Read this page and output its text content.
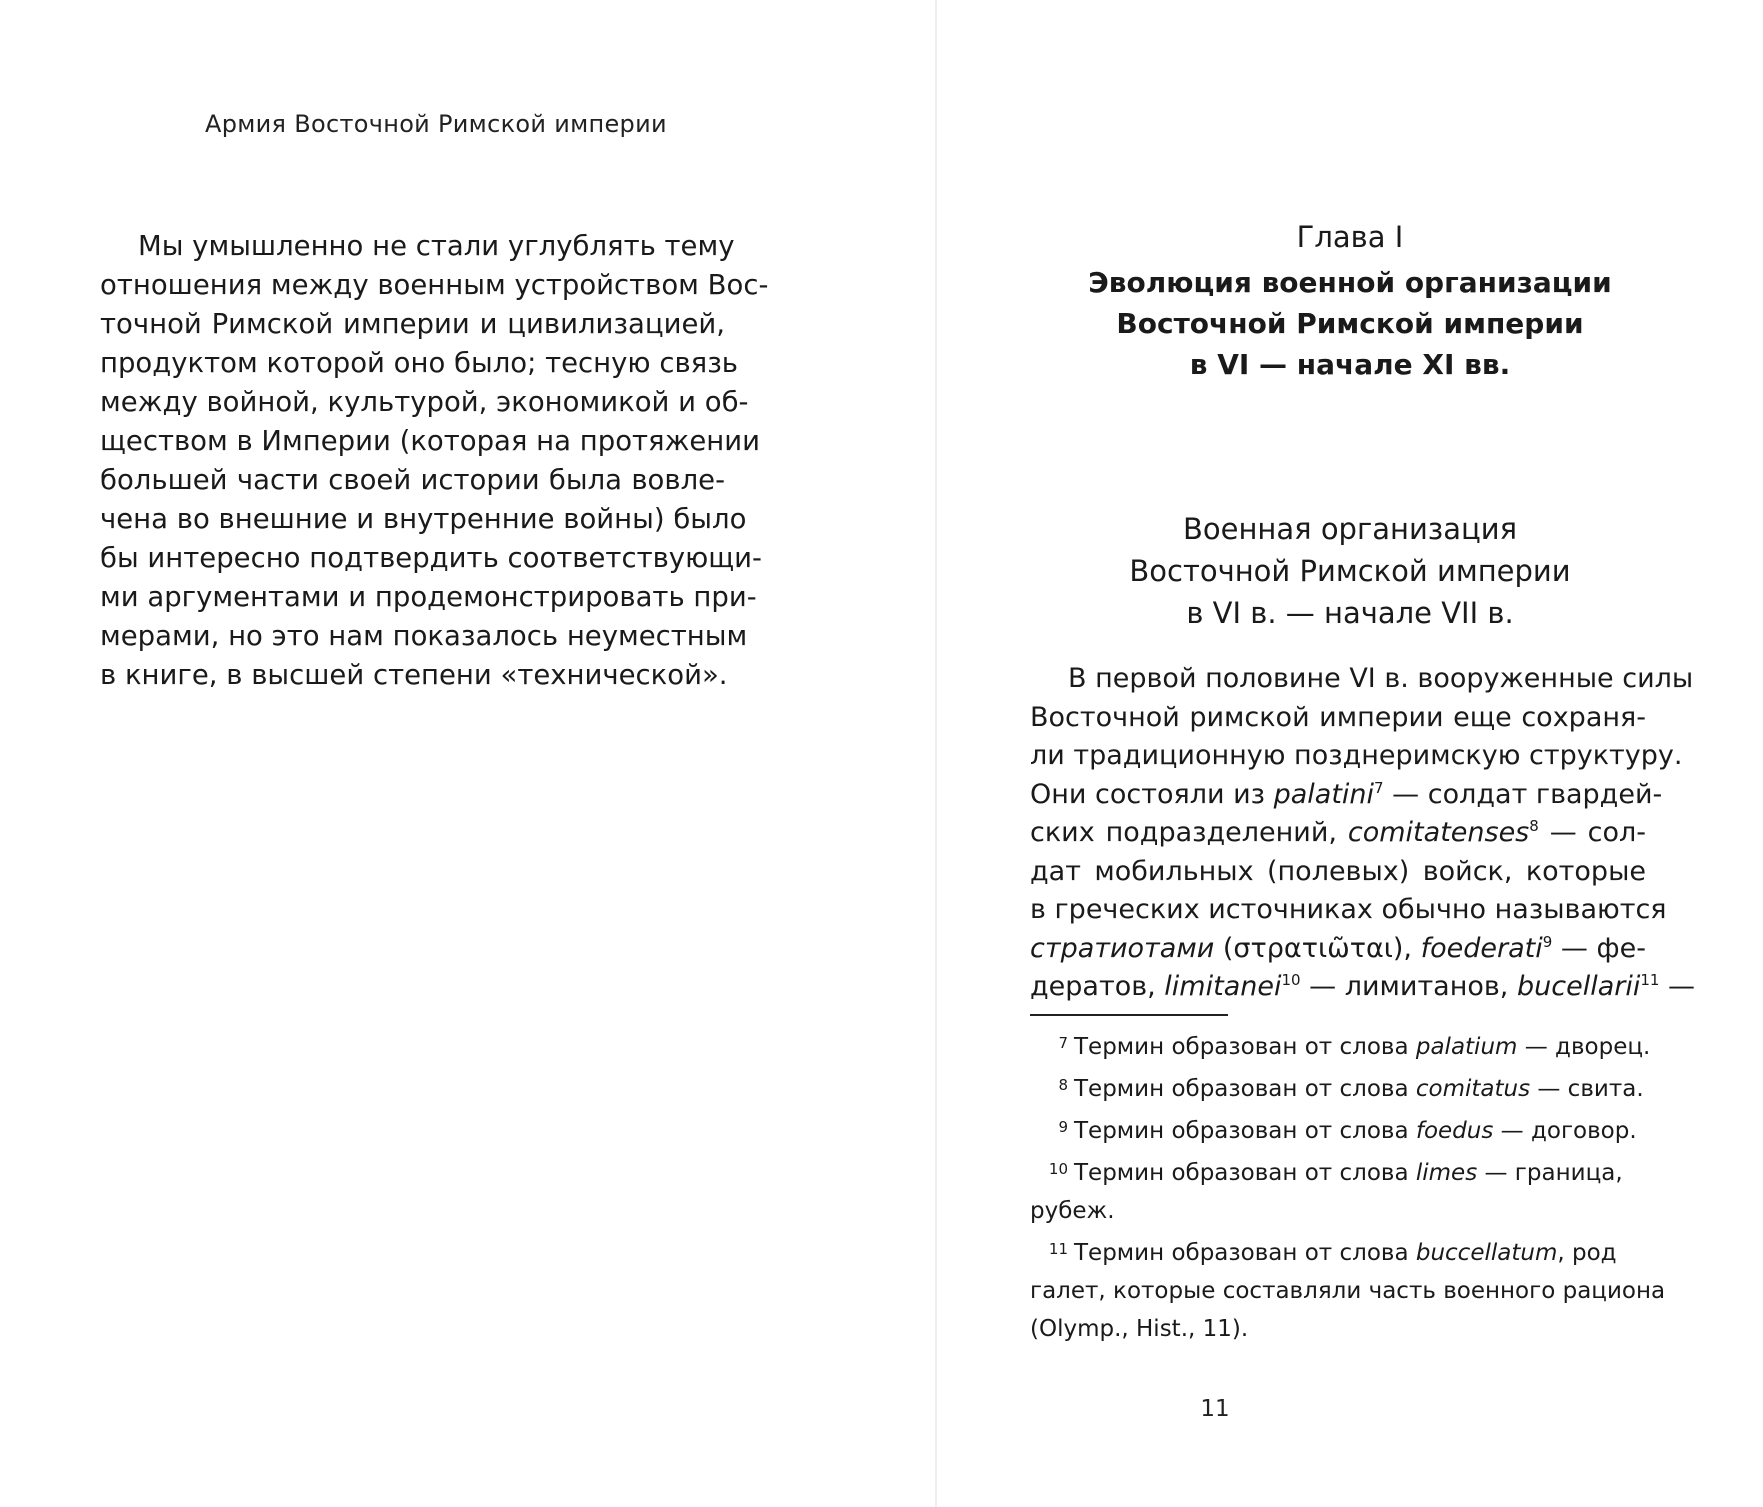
Армия Восточной Римской империи
Мы умышленно не стали углублять тему
отношения между военным устройством Вос-
точной Римской империи и цивилизацией,
продуктом которой оно было; тесную связь
между войной, культурой, экономикой и об-
ществом в Империи (которая на протяжении
большей части своей истории была вовле-
чена во внешние и внутренние войны) было
бы интересно подтвердить соответствующи-
ми аргументами и продемонстрировать при-
мерами, но это нам показалось неуместным
в книге, в высшей степени «технической».
Глава I
Эволюция военной организации
Восточной Римской империи
в VI — начале XI вв.
Военная организация
Восточной Римской империи
в VI в. — начале VII в.
В первой половине VI в. вооруженные силы
Восточной римской империи еще сохраня-
ли традиционную позднеримскую структуру.
Они состояли из palatini$^7$ — солдат гвардей-
ских подразделений, comitatenses$^8$ — сол-
дат мобильных (полевых) войск, которые
в греческих источниках обычно называются
стратиотами (στρατιῶται), foederati$^9$ — фе-
дератов, limitanei$^{10}$ — лимитанов, bucellarii$^{11}$ —
7 Термин образован от слова palatium — дворец.
8 Термин образован от слова comitatus — свита.
9 Термин образован от слова foedus — договор.
10 Термин образован от слова limes — граница,
рубеж.
11 Термин образован от слова buccellatum, род
галет, которые составляли часть военного рациона
(Olymp., Hist., 11).
11
